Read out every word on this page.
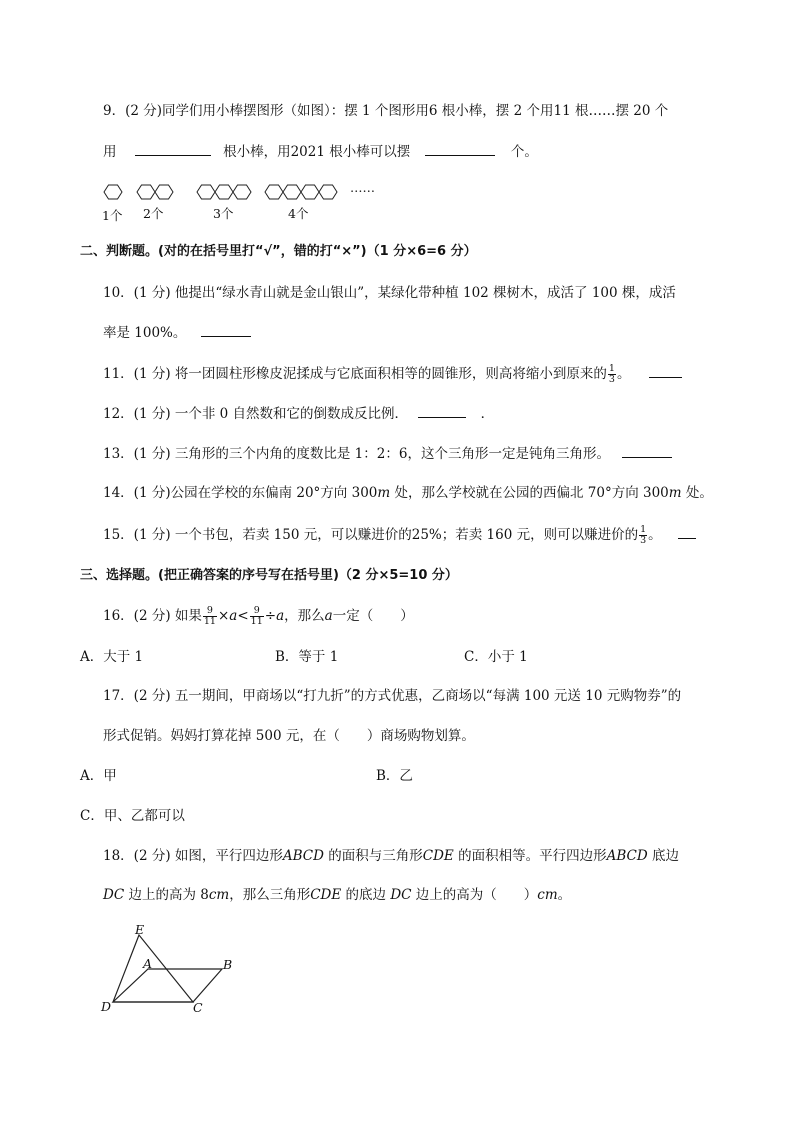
9．(2 分)同学们用小棒摆图形（如图）：摆 1 个图形用6 根小棒，摆 2 个用11 根……摆 20 个
用	根小棒，用2021 根小棒可以摆	个。
……
1个 2个	3个	4个
二、判断题。(对的在括号里打“√”，错的打“×”)（1 分×6=6 分）
10．(1 分) 他提出“绿水青山就是金山银山”，某绿化带种植 102 棵树木，成活了 100 棵，成活
率是 100%。
11．(1 分) 将一团圆柱形橡皮泥揉成与它底面积相等的圆锥形，则高将缩小到原来的 $\frac{1}{3}$ 。
12．(1 分) 一个非 0 自然数和它的倒数成反比例．	．
13．(1 分) 三角形的三个内角的度数比是 1：2：6，这个三角形一定是钝角三角形。
14．(1 分)公园在学校的东偏南 20°方向 300m 处，那么学校就在公园的西偏北 70°方向 300m 处。
15．(1 分) 一个书包，若卖 150 元，可以赚进价的25%；若卖 160 元，则可以赚进价的 $\frac{1}{3}$ 。
三、选择题。(把正确答案的序号写在括号里)（2 分×5=10 分）
16．(2 分) 如果 $\frac{9}{11} \times a< \frac{9}{11} \div a$，那么a一定（　　）
A．大于 1	B．等于 1	C．小于 1
17．(2 分) 五一期间，甲商场以“打九折”的方式优惠，乙商场以“每满 100 元送 10 元购物券”的
形式促销。妈妈打算花掉 500 元，在（　　）商场购物划算。
A．甲	B．乙
C．甲、乙都可以
18．(2 分) 如图，平行四边形ABCD 的面积与三角形CDE 的面积相等。平行四边形ABCD 底边
DC 边上的高为 8cm，那么三角形CDE 的底边 DC 边上的高为（　　）cm。
E
A	B
D	C
